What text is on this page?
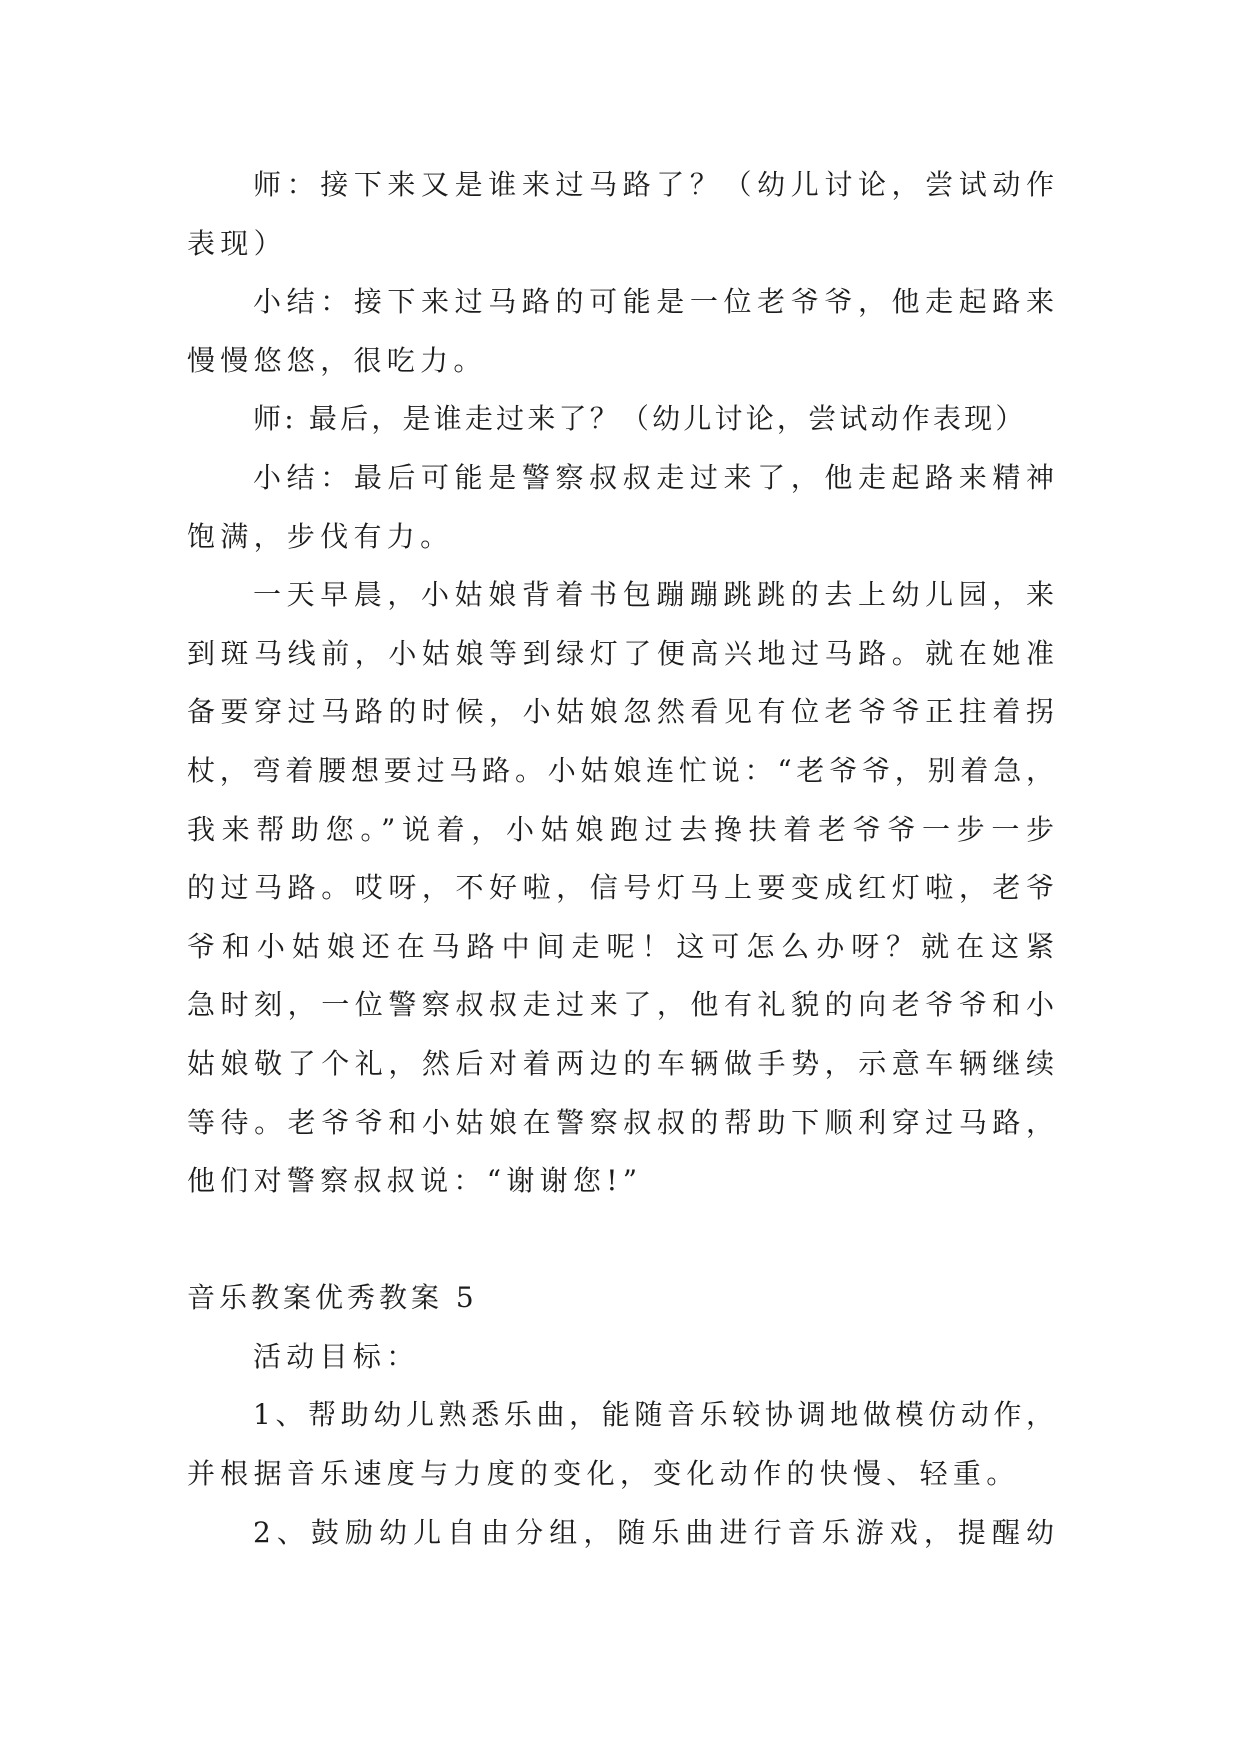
师：接下来又是谁来过马路了？（幼儿讨论，尝试动作
表现）
小结：接下来过马路的可能是一位老爷爷，他走起路来
慢慢悠悠，很吃力。
师: 最后，是谁走过来了？（幼儿讨论，尝试动作表现）
小结：最后可能是警察叔叔走过来了，他走起路来精神
饱满，步伐有力。
一天早晨，小姑娘背着书包蹦蹦跳跳的去上幼儿园，来
到斑马线前，小姑娘等到绿灯了便高兴地过马路。就在她准
备要穿过马路的时候，小姑娘忽然看见有位老爷爷正拄着拐
杖，弯着腰想要过马路。小姑娘连忙说：“老爷爷，别着急，
我来帮助您。”说着，小姑娘跑过去搀扶着老爷爷一步一步
的过马路。哎呀，不好啦，信号灯马上要变成红灯啦，老爷
爷和小姑娘还在马路中间走呢！这可怎么办呀？就在这紧
急时刻，一位警察叔叔走过来了，他有礼貌的向老爷爷和小
姑娘敬了个礼，然后对着两边的车辆做手势，示意车辆继续
等待。老爷爷和小姑娘在警察叔叔的帮助下顺利穿过马路，
他们对警察叔叔说：“谢谢您!”
音乐教案优秀教案 5
活动目标：
1、帮助幼儿熟悉乐曲，能随音乐较协调地做模仿动作，
并根据音乐速度与力度的变化，变化动作的快慢、轻重。
2、鼓励幼儿自由分组，随乐曲进行音乐游戏，提醒幼
